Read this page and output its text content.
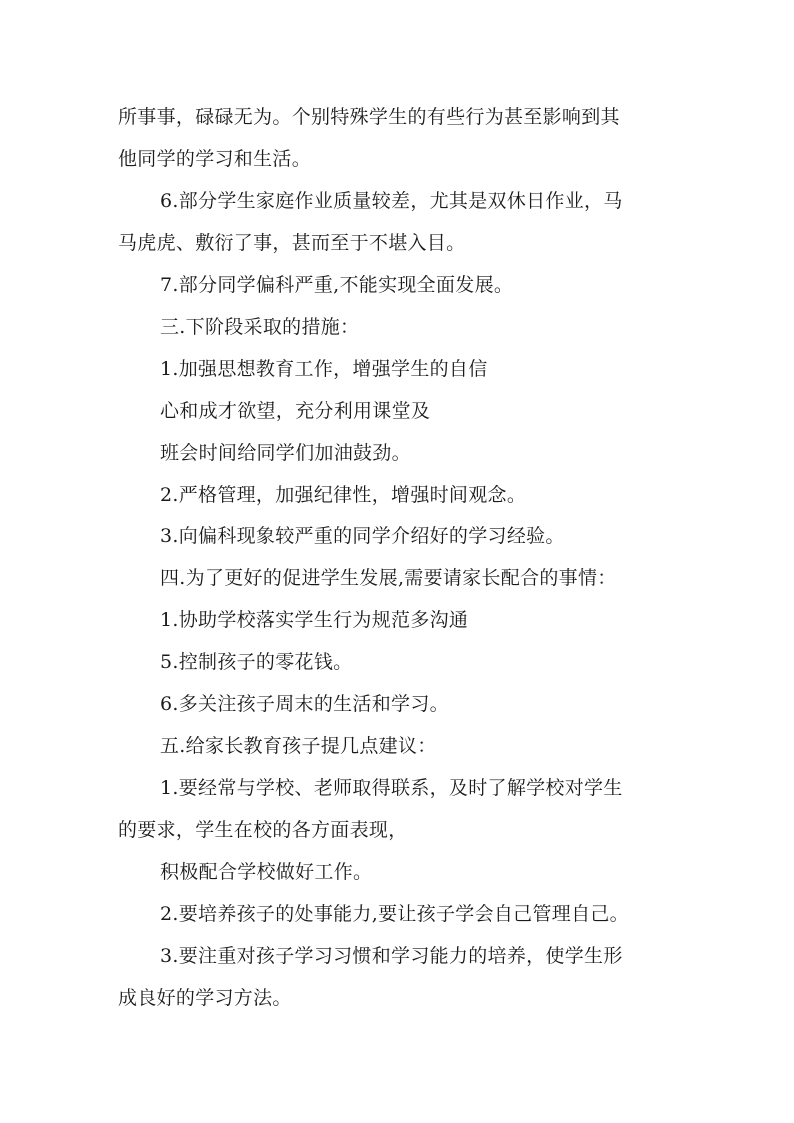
所事事，碌碌无为。个别特殊学生的有些行为甚至影响到其
他同学的学习和生活。
6.部分学生家庭作业质量较差，尤其是双休日作业，马
马虎虎、敷衍了事，甚而至于不堪入目。
7.部分同学偏科严重,不能实现全面发展。
三.下阶段采取的措施：
1.加强思想教育工作，增强学生的自信
心和成才欲望，充分利用课堂及
班会时间给同学们加油鼓劲。
2.严格管理，加强纪律性，增强时间观念。
3.向偏科现象较严重的同学介绍好的学习经验。
四.为了更好的促进学生发展,需要请家长配合的事情：
1.协助学校落实学生行为规范多沟通
5.控制孩子的零花钱。
6.多关注孩子周末的生活和学习。
五.给家长教育孩子提几点建议：
1.要经常与学校、老师取得联系，及时了解学校对学生
的要求，学生在校的各方面表现，
积极配合学校做好工作。
2.要培养孩子的处事能力,要让孩子学会自己管理自己。
3.要注重对孩子学习习惯和学习能力的培养，使学生形
成良好的学习方法。
